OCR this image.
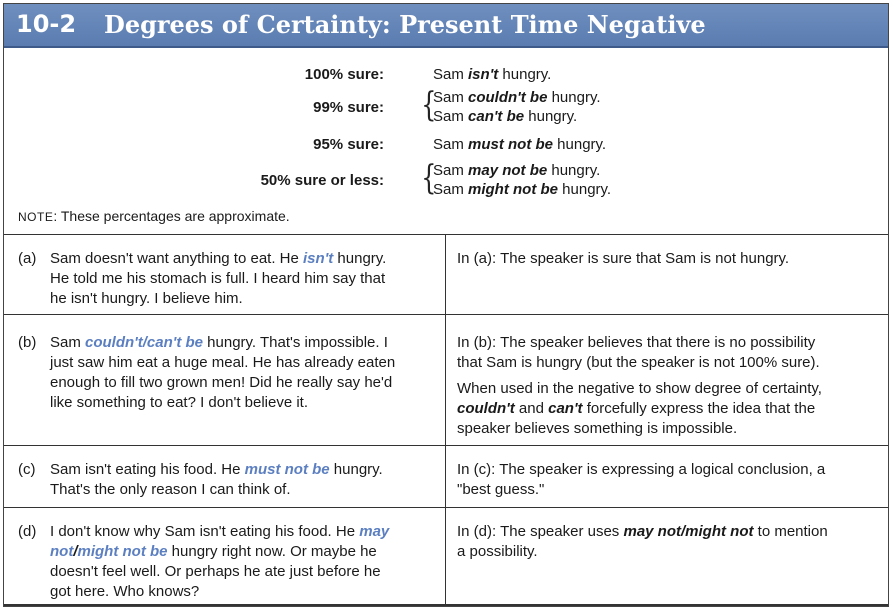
10-2 Degrees of Certainty: Present Time Negative
100% sure:	Sam isn't hungry.
99% sure: {
Sam couldn't be hungry.
Sam can't be hungry.
95% sure:	Sam must not be hungry.
50% sure or less: {
Sam may not be hungry.
Sam might not be hungry.
NOTE: These percentages are approximate.
(a) Sam doesn't want anything to eat. He isn't hungry.
He told me his stomach is full. I heard him say that
he isn't hungry. I believe him.
In (a): The speaker is sure that Sam is not hungry.
(b) Sam couldn't/can't be hungry. That's impossible. I
just saw him eat a huge meal. He has already eaten
enough to fill two grown men! Did he really say he'd
like something to eat? I don't believe it.
In (b): The speaker believes that there is no possibility
that Sam is hungry (but the speaker is not 100% sure).
When used in the negative to show degree of certainty,
couldn't and can't forcefully express the idea that the
speaker believes something is impossible.
(c) Sam isn't eating his food. He must not be hungry.
That's the only reason I can think of.
In (c): The speaker is expressing a logical conclusion, a
"best guess."
(d) I don't know why Sam isn't eating his food. He may
not/might not be hungry right now. Or maybe he
doesn't feel well. Or perhaps he ate just before he
got here. Who knows?
In (d): The speaker uses may not/might not to mention
a possibility.
